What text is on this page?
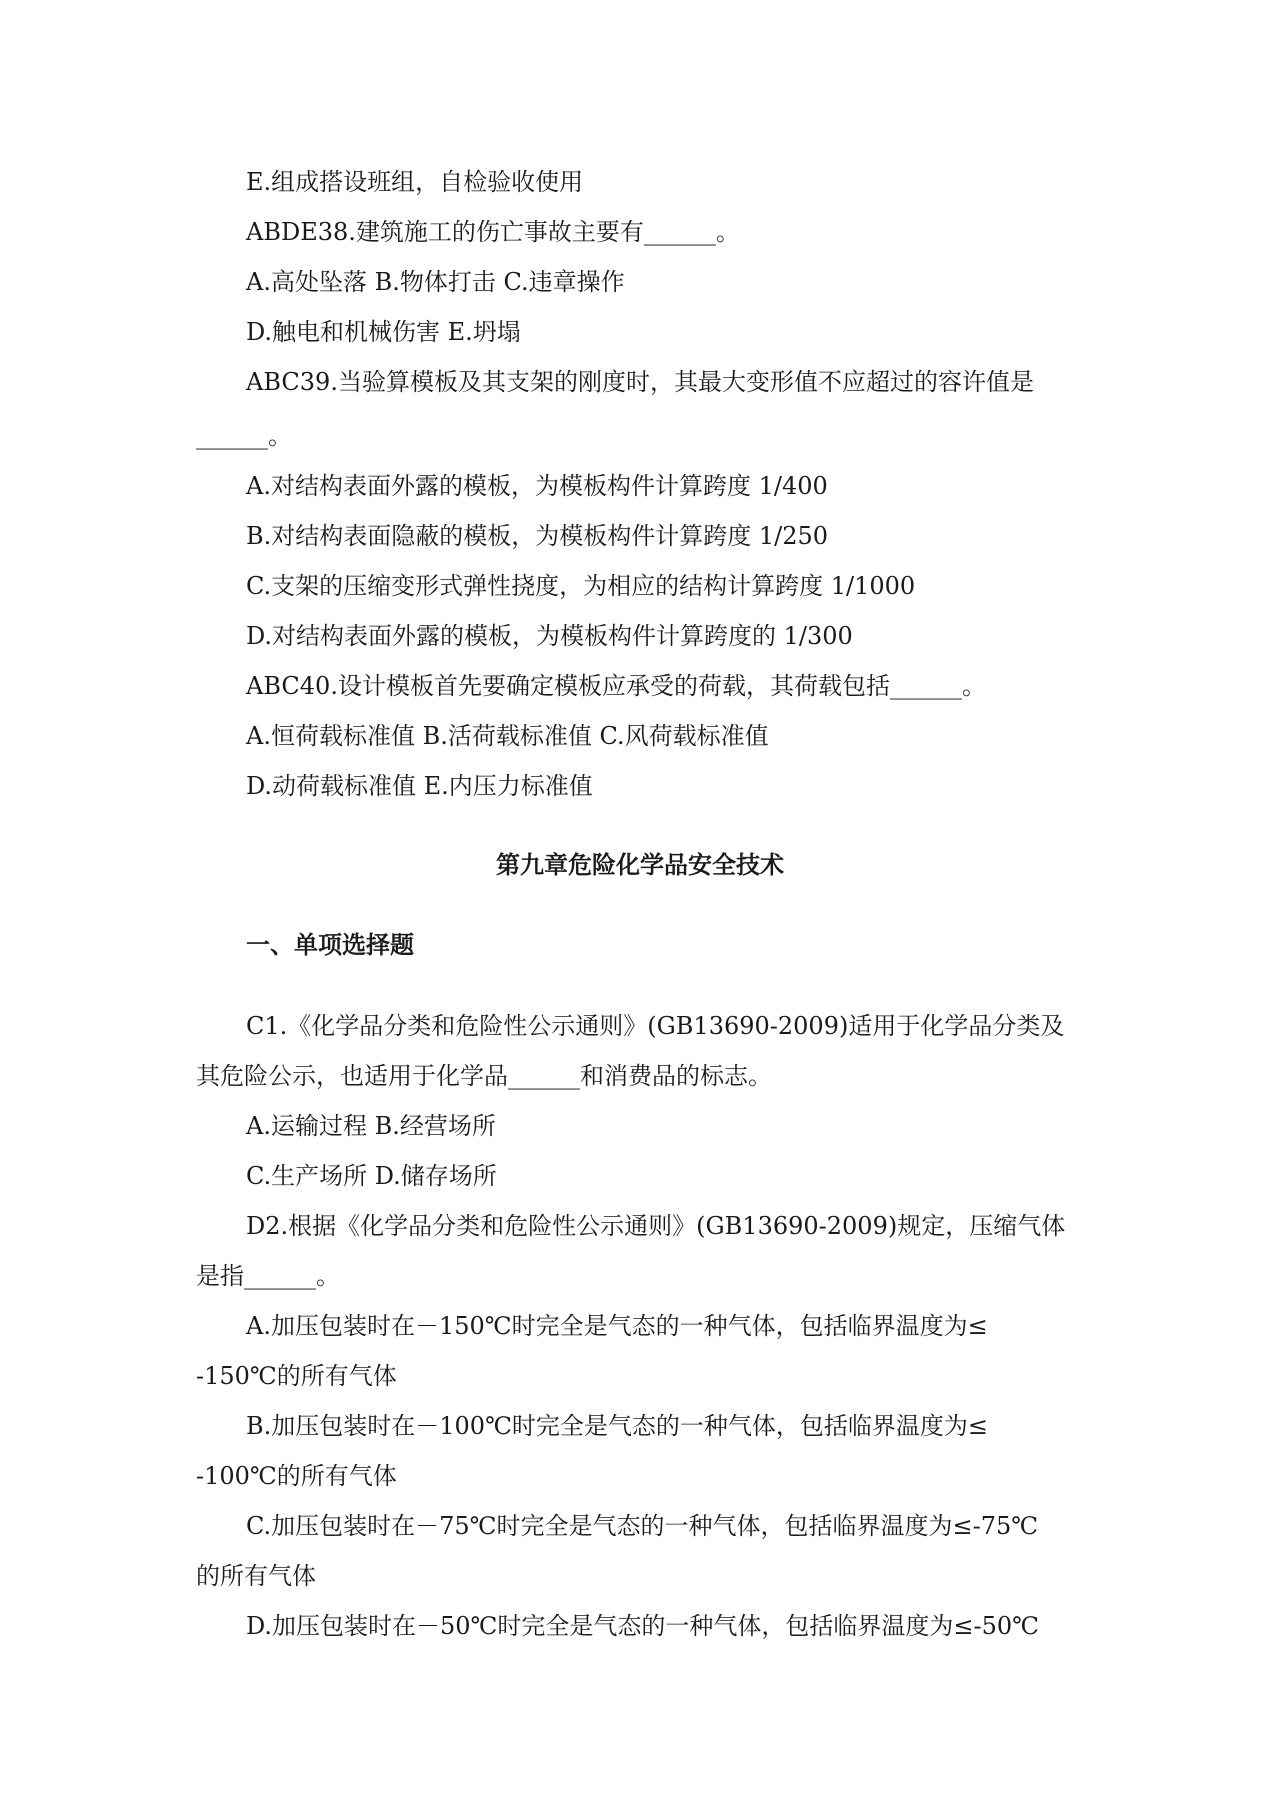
E.组成搭设班组，自检验收使用
ABDE38.建筑施工的伤亡事故主要有______。
A.高处坠落 B.物体打击 C.违章操作
D.触电和机械伤害 E.坍塌
ABC39.当验算模板及其支架的刚度时，其最大变形值不应超过的容许值是
______。
A.对结构表面外露的模板，为模板构件计算跨度 1/400
B.对结构表面隐蔽的模板，为模板构件计算跨度 1/250
C.支架的压缩变形式弹性挠度，为相应的结构计算跨度 1/1000
D.对结构表面外露的模板，为模板构件计算跨度的 1/300
ABC40.设计模板首先要确定模板应承受的荷载，其荷载包括______。
A.恒荷载标准值 B.活荷载标准值 C.风荷载标准值
D.动荷载标准值 E.内压力标准值
第九章危险化学品安全技术
一、单项选择题
C1.《化学品分类和危险性公示通则》(GB13690-2009)适用于化学品分类及
其危险公示，也适用于化学品______和消费品的标志。
A.运输过程 B.经营场所
C.生产场所 D.储存场所
D2.根据《化学品分类和危险性公示通则》(GB13690-2009)规定，压缩气体
是指______。
A.加压包装时在－150℃时完全是气态的一种气体，包括临界温度为≤
-150℃的所有气体
B.加压包装时在－100℃时完全是气态的一种气体，包括临界温度为≤
-100℃的所有气体
C.加压包装时在－75℃时完全是气态的一种气体，包括临界温度为≤-75℃
的所有气体
D.加压包装时在－50℃时完全是气态的一种气体，包括临界温度为≤-50℃
